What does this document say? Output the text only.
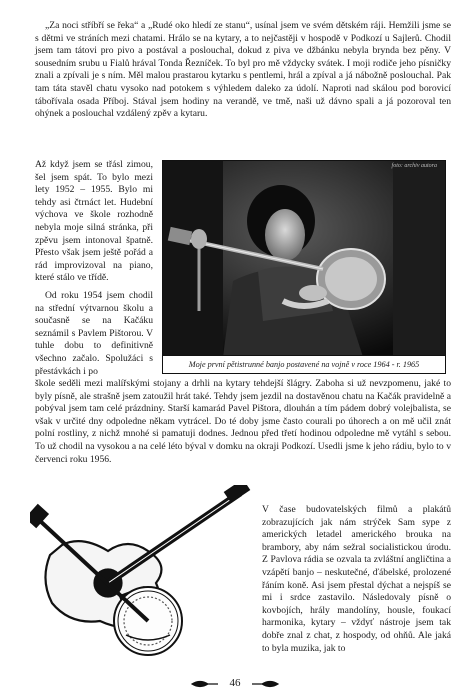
„Za noci stříbří se řeka“ a „Rudé oko hledí ze stanu“, usínal jsem ve svém dětském ráji. Hemžili jsme se s dětmi ve stráních mezi chatami. Hrálo se na kytary, a to nejčastěji v hospodě v Podkozí u Sajlerů. Chodil jsem tam tátovi pro pivo a postával a poslouchal, dokud z piva ve džbánku nebyla brynda bez pěny. V sousedním srubu u Fialů hrával Tonda Řezníček. To byl pro mě vždycky svátek. I moji rodiče jeho písničky znali a zpívali je s ním. Měl malou prastarou kytarku s pentlemi, hrál a zpíval a já nábožně poslouchal. Pak tam táta stavěl chatu vysoko nad potokem s výhledem daleko za údolí. Naproti nad skálou pod borovicí tábořívala osada Příboj. Stával jsem hodiny na verandě, ve tmě, naši už dávno spali a já pozoroval ten ohýnek a poslouchal vzdálený zpěv a kytaru.

Až když jsem se třásl zimou, šel jsem spát. To bylo mezi lety 1952 – 1955. Bylo mi tehdy asi čtrnáct let. Hudební výchova ve škole rozhodně nebyla moje silná stránka, při zpěvu jsem intonoval špatně. Přesto však jsem ještě pořád a rád improvizoval na piano, které stálo ve třídě.

Od roku 1954 jsem chodil na střední výtvarnou školu a současně se na Kačáku seznámil s Pavlem Pištorou. V tuhle dobu to definitivně všechno začalo. Spolužáci s přestávkách i po

foto: archiv autora
Moje první pětistrunné banjo postavené na vojně v roce 1964 - r. 1965

škole seděli mezi malířskými stojany a drhli na kytary tehdejší šlágry. Zaboha si už nevzpomenu, jaké to byly písně, ale strašně jsem zatoužil hrát také. Tehdy jsem jezdil na dostavěnou chatu na Kačák pravidelně a pobýval jsem tam celé prázdniny. Starší kamarád Pavel Pištora, dlouhán a tím pádem dobrý volejbalista, se však v určité dny odpoledne někam vytrácel. Do té doby jsme často courali po úhorech a on mě učil znát polní rostliny, z nichž mnohé si pamatuji dodnes. Jednou před třetí hodinou odpoledne mě vytáhl s sebou. To už chodil na vysokou a na celé léto býval v domku na okraji Podkozí. Usedli jsme k jeho rádiu, bylo to v červenci roku 1956.

V čase budovatelských filmů a plakátů zobrazujících jak nám strýček Sam sype z amerických letadel amerického brouka na brambory, aby nám sežral socialistickou úrodu. Z Pavlova rádia se ozvala ta zvláštní angličtina a vzápětí banjo – neskutečné, ďábelské, prolozené řáním koně. Asi jsem přestal dýchat a nejspíš se mi i srdce zastavilo. Následovaly písně o kovbojích, hrály mandolíny, housle, foukací harmonika, kytary – vždyť nástroje jsem tak dobře znal z chat, z hospody, od ohňů. Ale jaká to byla muzika, jak to

46
